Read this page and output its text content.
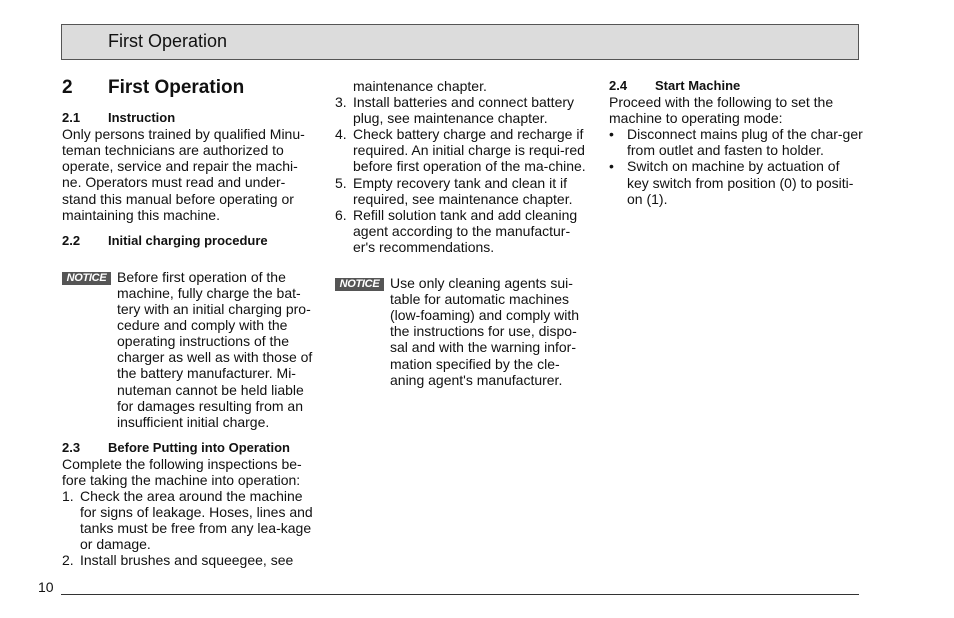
First Operation
2	First Operation
2.1	Instruction

Only persons trained by qualified Minu-teman technicians are authorized to operate, service and repair the machi-ne. Operators must read and under-stand this manual before operating or maintaining this machine.

2.2	Initial charging procedure
NOTICE Before first operation of the machine, fully charge the bat-tery with an initial charging pro-cedure and comply with the operating instructions of the charger as well as with those of the battery manufacturer. Mi-nuteman cannot be held liable for damages resulting from an insufficient initial charge.
2.3	Before Putting into Operation

Complete the following inspections be-fore taking the machine into operation:

1. Check the area around the machine for signs of leakage. Hoses, lines and tanks must be free from any lea-kage or damage.
2. Install brushes and squeegee, see
maintenance chapter.
3. Install batteries and connect battery plug, see maintenance chapter.
4. Check battery charge and recharge if required. An initial charge is requi-red before first operation of the ma-chine.
5. Empty recovery tank and clean it if required, see maintenance chapter.
6. Refill solution tank and add cleaning agent according to the manufactur-er's recommendations.
NOTICE Use only cleaning agents sui-table for automatic machines (low-foaming) and comply with the instructions for use, dispo-sal and with the warning infor-mation specified by the cle-aning agent's manufacturer.
2.4	Start Machine

Proceed with the following to set the machine to operating mode:

• Disconnect mains plug of the char-ger from outlet and fasten to holder.
• Switch on machine by actuation of key switch from position (0) to positi-on (1).
10
